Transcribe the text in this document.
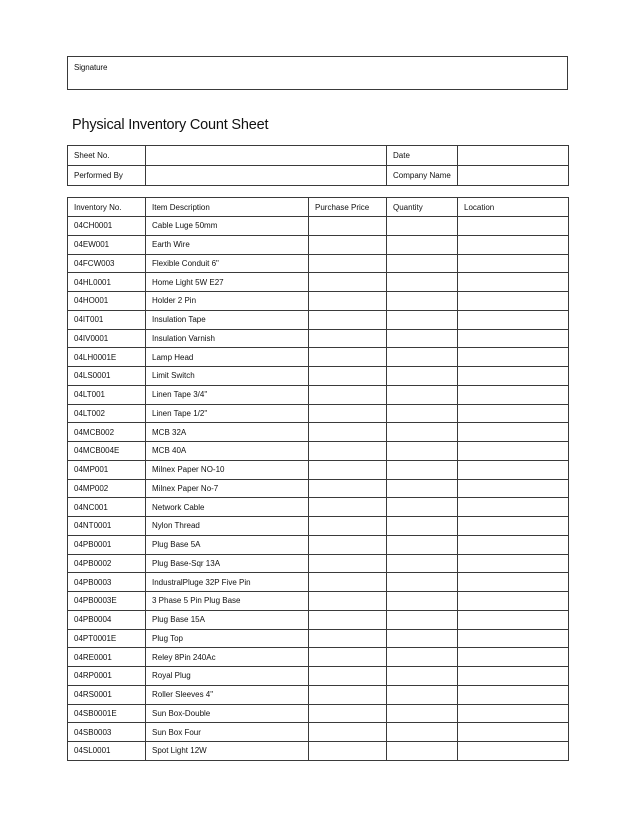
Signature
Physical Inventory Count Sheet
Sheet No.		Date	
Performed By		Company Name	
Inventory No.	Item Description	Purchase Price	Quantity	Location
04CH0001	Cable Luge 50mm			
04EW001	Earth Wire			
04FCW003	Flexible Conduit 6"			
04HL0001	Home Light 5W E27			
04HO001	Holder 2 Pin			
04IT001	Insulation Tape			
04IV0001	Insulation Varnish			
04LH0001E	Lamp Head			
04LS0001	Limit Switch			
04LT001	Linen Tape 3/4"			
04LT002	Linen Tape 1/2"			
04MCB002	MCB 32A			
04MCB004E	MCB 40A			
04MP001	Milnex Paper NO-10			
04MP002	Milnex Paper No-7			
04NC001	Network Cable			
04NT0001	Nylon Thread			
04PB0001	Plug Base 5A			
04PB0002	Plug Base-Sqr 13A			
04PB0003	IndustralPluge 32P Five Pin			
04PB0003E	3 Phase 5 Pin Plug Base			
04PB0004	Plug Base 15A			
04PT0001E	Plug Top			
04RE0001	Reley 8Pin 240Ac			
04RP0001	Royal Plug			
04RS0001	Roller Sleeves 4"			
04SB0001E	Sun Box-Double			
04SB0003	Sun Box Four			
04SL0001	Spot Light 12W			
